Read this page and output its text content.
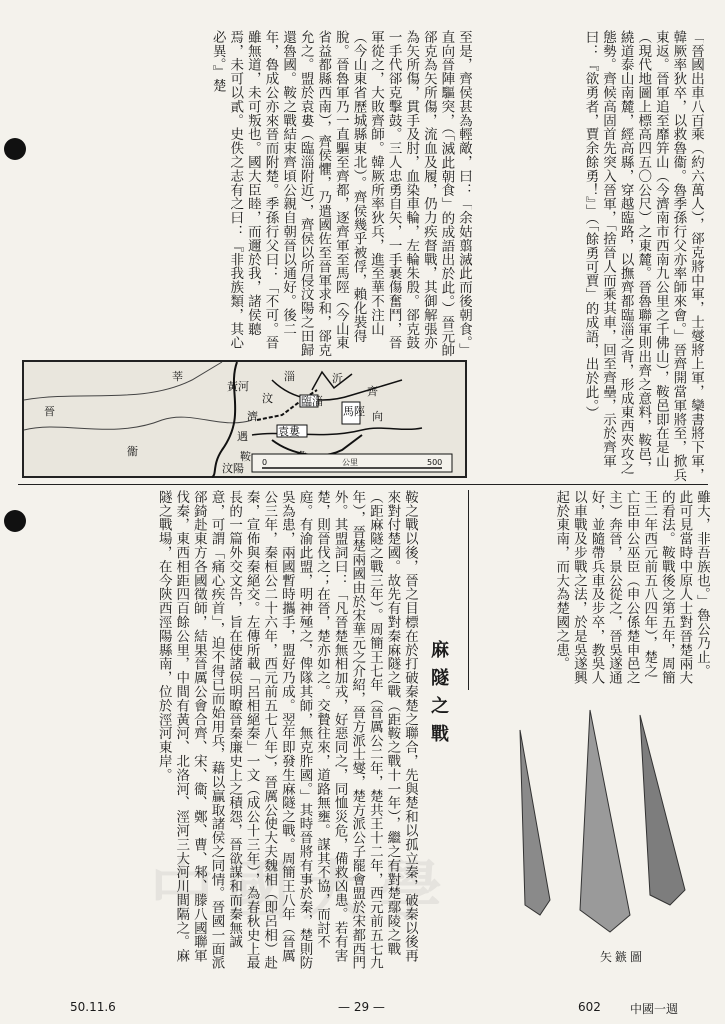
中國大學
「晉國出車八百乘（約六萬人），郤克將中軍，士燮將上軍，欒書將下軍，韓厥率狄卒，以救魯衞。魯季孫行父亦率師來會。」晉齊開當軍將至，掀兵東返。晉軍追至靡笄山（今濟南市西南九公里之千佛山），鞍邑即在是山（現代地圖上標高四五〇公尺）之東麓。晉魯聯軍則出齊之意料，鞍邑，繞道泰山南麓，經高縣，穿越臨路，以撫齊都臨淄之背，形成東西夾攻之態勢。齊候高固首先突入晉軍，「捨晉人而乘其車，回至齊壘，示於齊軍曰：『欲勇者，賈余餘勇！』」（「餘勇可賈」的成語，出於此。）
至是，齊侯甚為輕敵，曰：「余姑翦滅此而後朝食。」直向晉陣驅突，（「滅此朝食」的成語出於此。）晉元帥郤克為矢所傷，流血及履，仍力疾督戰，其御解張亦為矢所傷，貫手及肘，血染車輪，左輪朱殷。郤克鼓一手代郤克擊鼓。三人忠勇自矢，一手裹傷奮鬥，晉軍從之，大敗齊師。韓厥所率狄兵，進至華不注山（今山東省歷城縣東北）。齊侯幾乎被俘，賴化裝得脫。晉魯軍乃一直驅至齊都，逐齊軍至馬陘（今山東省益都縣西南），齊侯懼，乃遣國佐至晉軍求和，郤克允之。盟於袁婁（臨淄附近），齊侯以所侵汶陽之田歸還魯國。鞍之戰結束齊頃公親自朝晉以通好。後二年，魯成公亦來晉而附楚。季孫行父曰：「不可。晉雖無道，未可叛也。國大臣睦，而邇於我，諸侯聽焉，未可以貳。史佚之志有之曰：『非我族類，其心必異。』楚
晉
衞
齊
黃河
濟
汶
淄	沂
遇
鞍
臨淄
馬陘
袁婁
汶陽
向
莘
0	公里	500
雖大，非吾族也。」魯公乃止。此可見當時中原人士對晉楚兩大的看法。鞍戰後之第五年，周簡王二年西元前五八四年），楚之亡臣申公巫臣（申公係楚申邑之主）奔晉，景公從之，晉吳遂通好，並隨帶兵車及步卒，教吳人以車戰及步戰之法，於是吳遂興起於東南，而大為楚國之患。
麻隧之戰
鞍之戰以後，晉之目標在於打破秦楚之聯合，先與楚和以孤立秦，破秦以後再來對付楚國。故先有對秦麻隧之戰（距鞍之戰十一年），繼之有對楚鄢陵之戰（距麻隧之戰三年）。周簡王七年（晉厲公二年，楚共王十二年，西元前五七九年），晉楚兩國由於宋華元之介紹，晉方派士燮，楚方派公子罷會盟於宋都西門外。其盟詞曰：「凡晉楚無相加戎，好惡同之，同恤災危，備救凶患。若有害楚，則晉伐之；在晉，楚亦如之。交贄往來，道路無壅。謀其不協，而討不庭。有渝此盟，明神殛之，俾隊其師，無克胙國。」其時晉將有事於秦，楚則防吳為患，兩國暫時攜手，盟好乃成。翌年即發生麻隧之戰。周簡王八年（晉厲公三年，秦桓公二十六年，西元前五七八年），晉厲公使大夫魏相（即呂相）赴秦，宣佈與秦絕交。左傳所載「呂相絕秦」一文（成公十三年），為春秋史上最長的一篇外交文告，旨在使諸侯明瞭晉秦廉史上之積怨，晉欲謀和而秦無誠意，可謂「痛心疾首」，迫不得已而始用兵，藉以贏取諸侯之同情。晉國一面派郤錡赴東方各國徵師，結果晉厲公會合齊、宋、衞、鄭、曹、邾、滕八國聯軍伐秦，東西相距四百餘公里，中間有黃河、北洛河、涇河三大河川間隔之。麻隧之戰場，在今陝西涇陽縣南，位於涇河東岸。
矢鏃圖
50.11.6	— 29 —	602 中國一週
